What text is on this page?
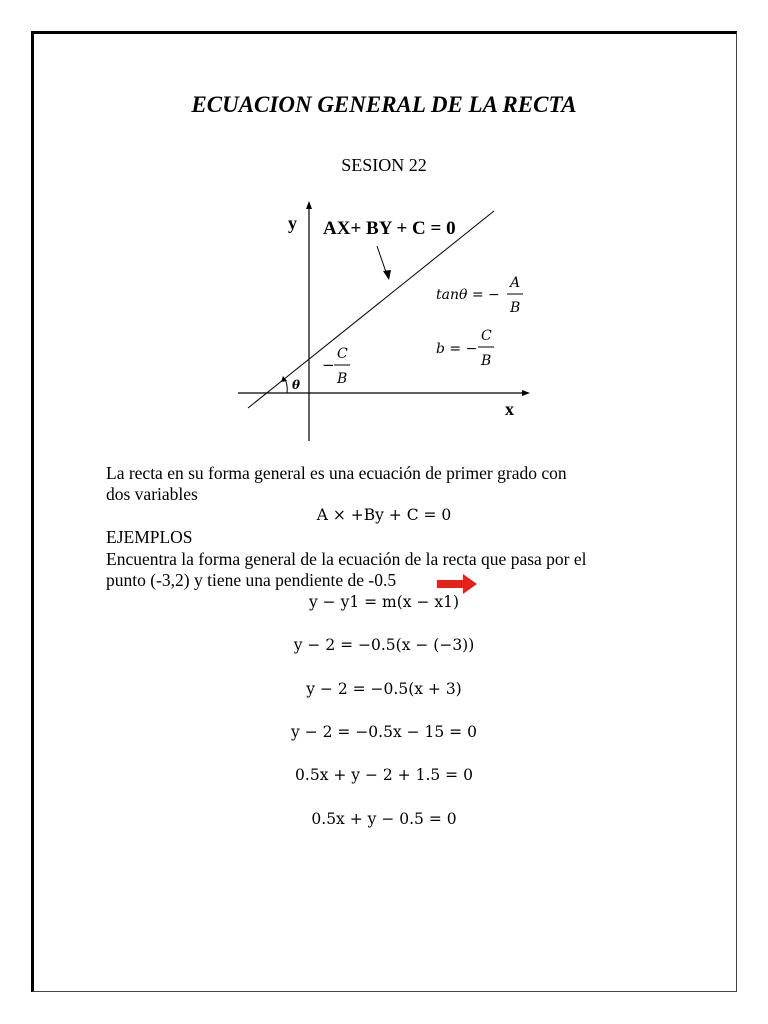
ECUACION GENERAL DE LA RECTA
SESION 22
y
x
θ
AX+ BY + C = 0
tanθ = −
A
B
b = −
C
B
−
C
B
La recta en su forma general es una ecuación de primer grado con
dos variables
A × +By + C = 0
EJEMPLOS
Encuentra la forma general de la ecuación de la recta que pasa por el
punto (-3,2) y tiene una pendiente de -0.5
y − y1 = m(x − x1)
y − 2 = −0.5(x − (−3))
y − 2 = −0.5(x + 3)
y − 2 = −0.5x − 15 = 0
0.5x + y − 2 + 1.5 = 0
0.5x + y − 0.5 = 0
